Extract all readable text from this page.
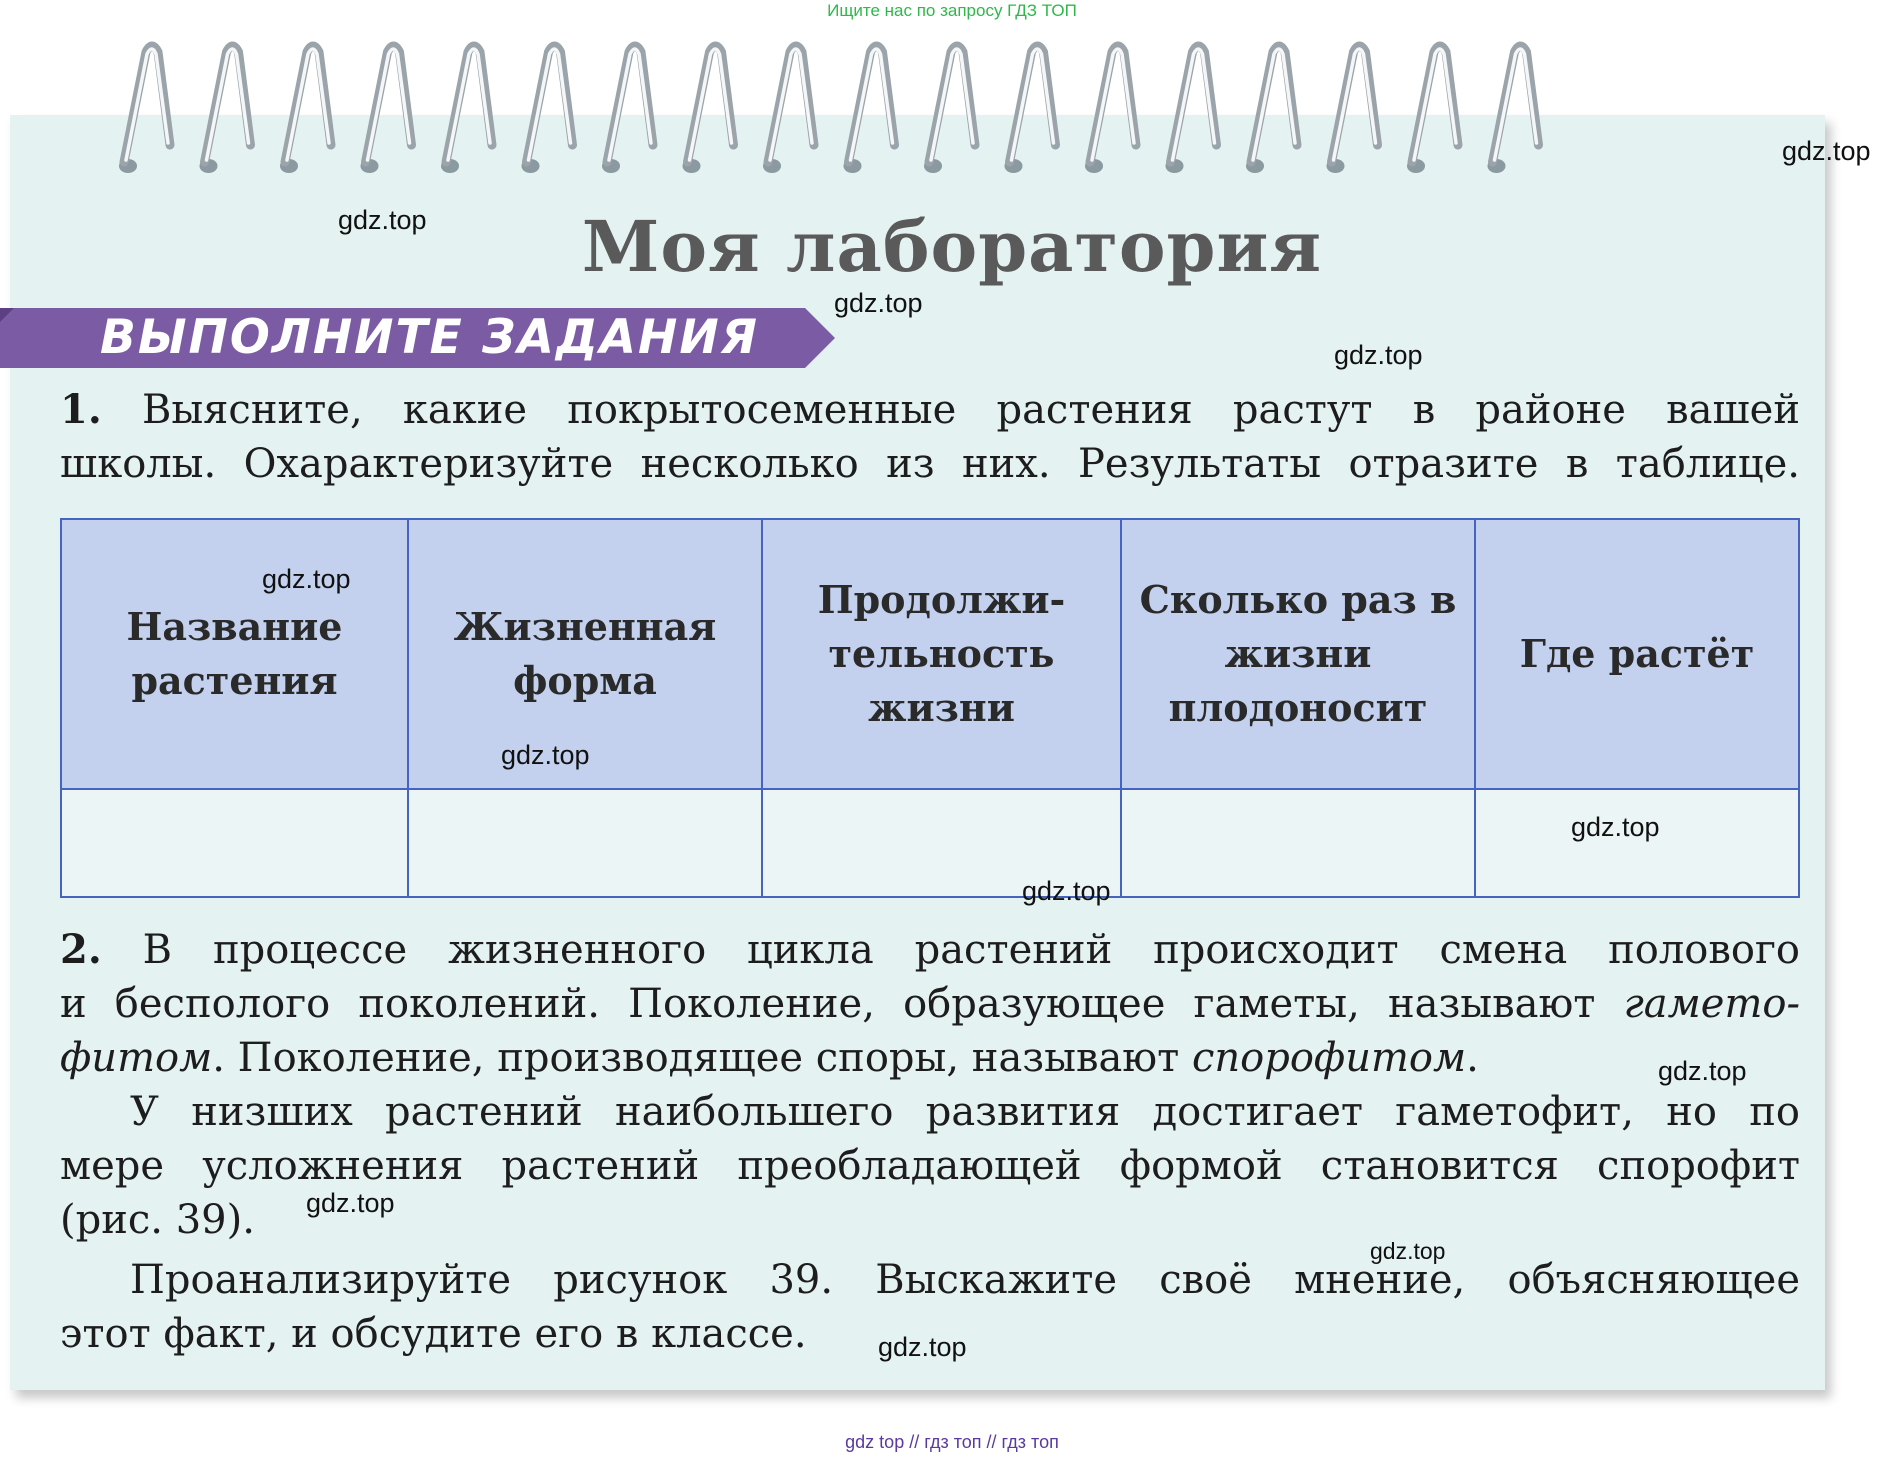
Ищите нас по запросу ГДЗ ТОП
Моя лаборатория
ВЫПОЛНИТЕ ЗАДАНИЯ
1. Выясните, какие покрытосеменные растения растут в районе вашей
школы. Охарактеризуйте несколько из них. Результаты отразите в таблице.
Название растения	Жизненная форма	Продолжи-тельность жизни	Сколько раз в жизни плодоносит	Где растёт

2. В процессе жизненного цикла растений происходит смена полового
и бесполого поколений. Поколение, образующее гаметы, называют гамето-
фитом. Поколение, производящее споры, называют спорофитом.
У низших растений наибольшего развития достигает гаметофит, но по
мере усложнения растений преобладающей формой становится спорофит
(рис. 39).
Проанализируйте рисунок 39. Выскажите своё мнение, объясняющее
этот факт, и обсудите его в классе.
gdz.top
gdz.top
gdz.top
gdz.top
gdz.top
gdz.top
gdz.top
gdz.top
gdz.top
gdz.top
gdz.top
gdz.top
gdz top // гдз топ // гдз топ
